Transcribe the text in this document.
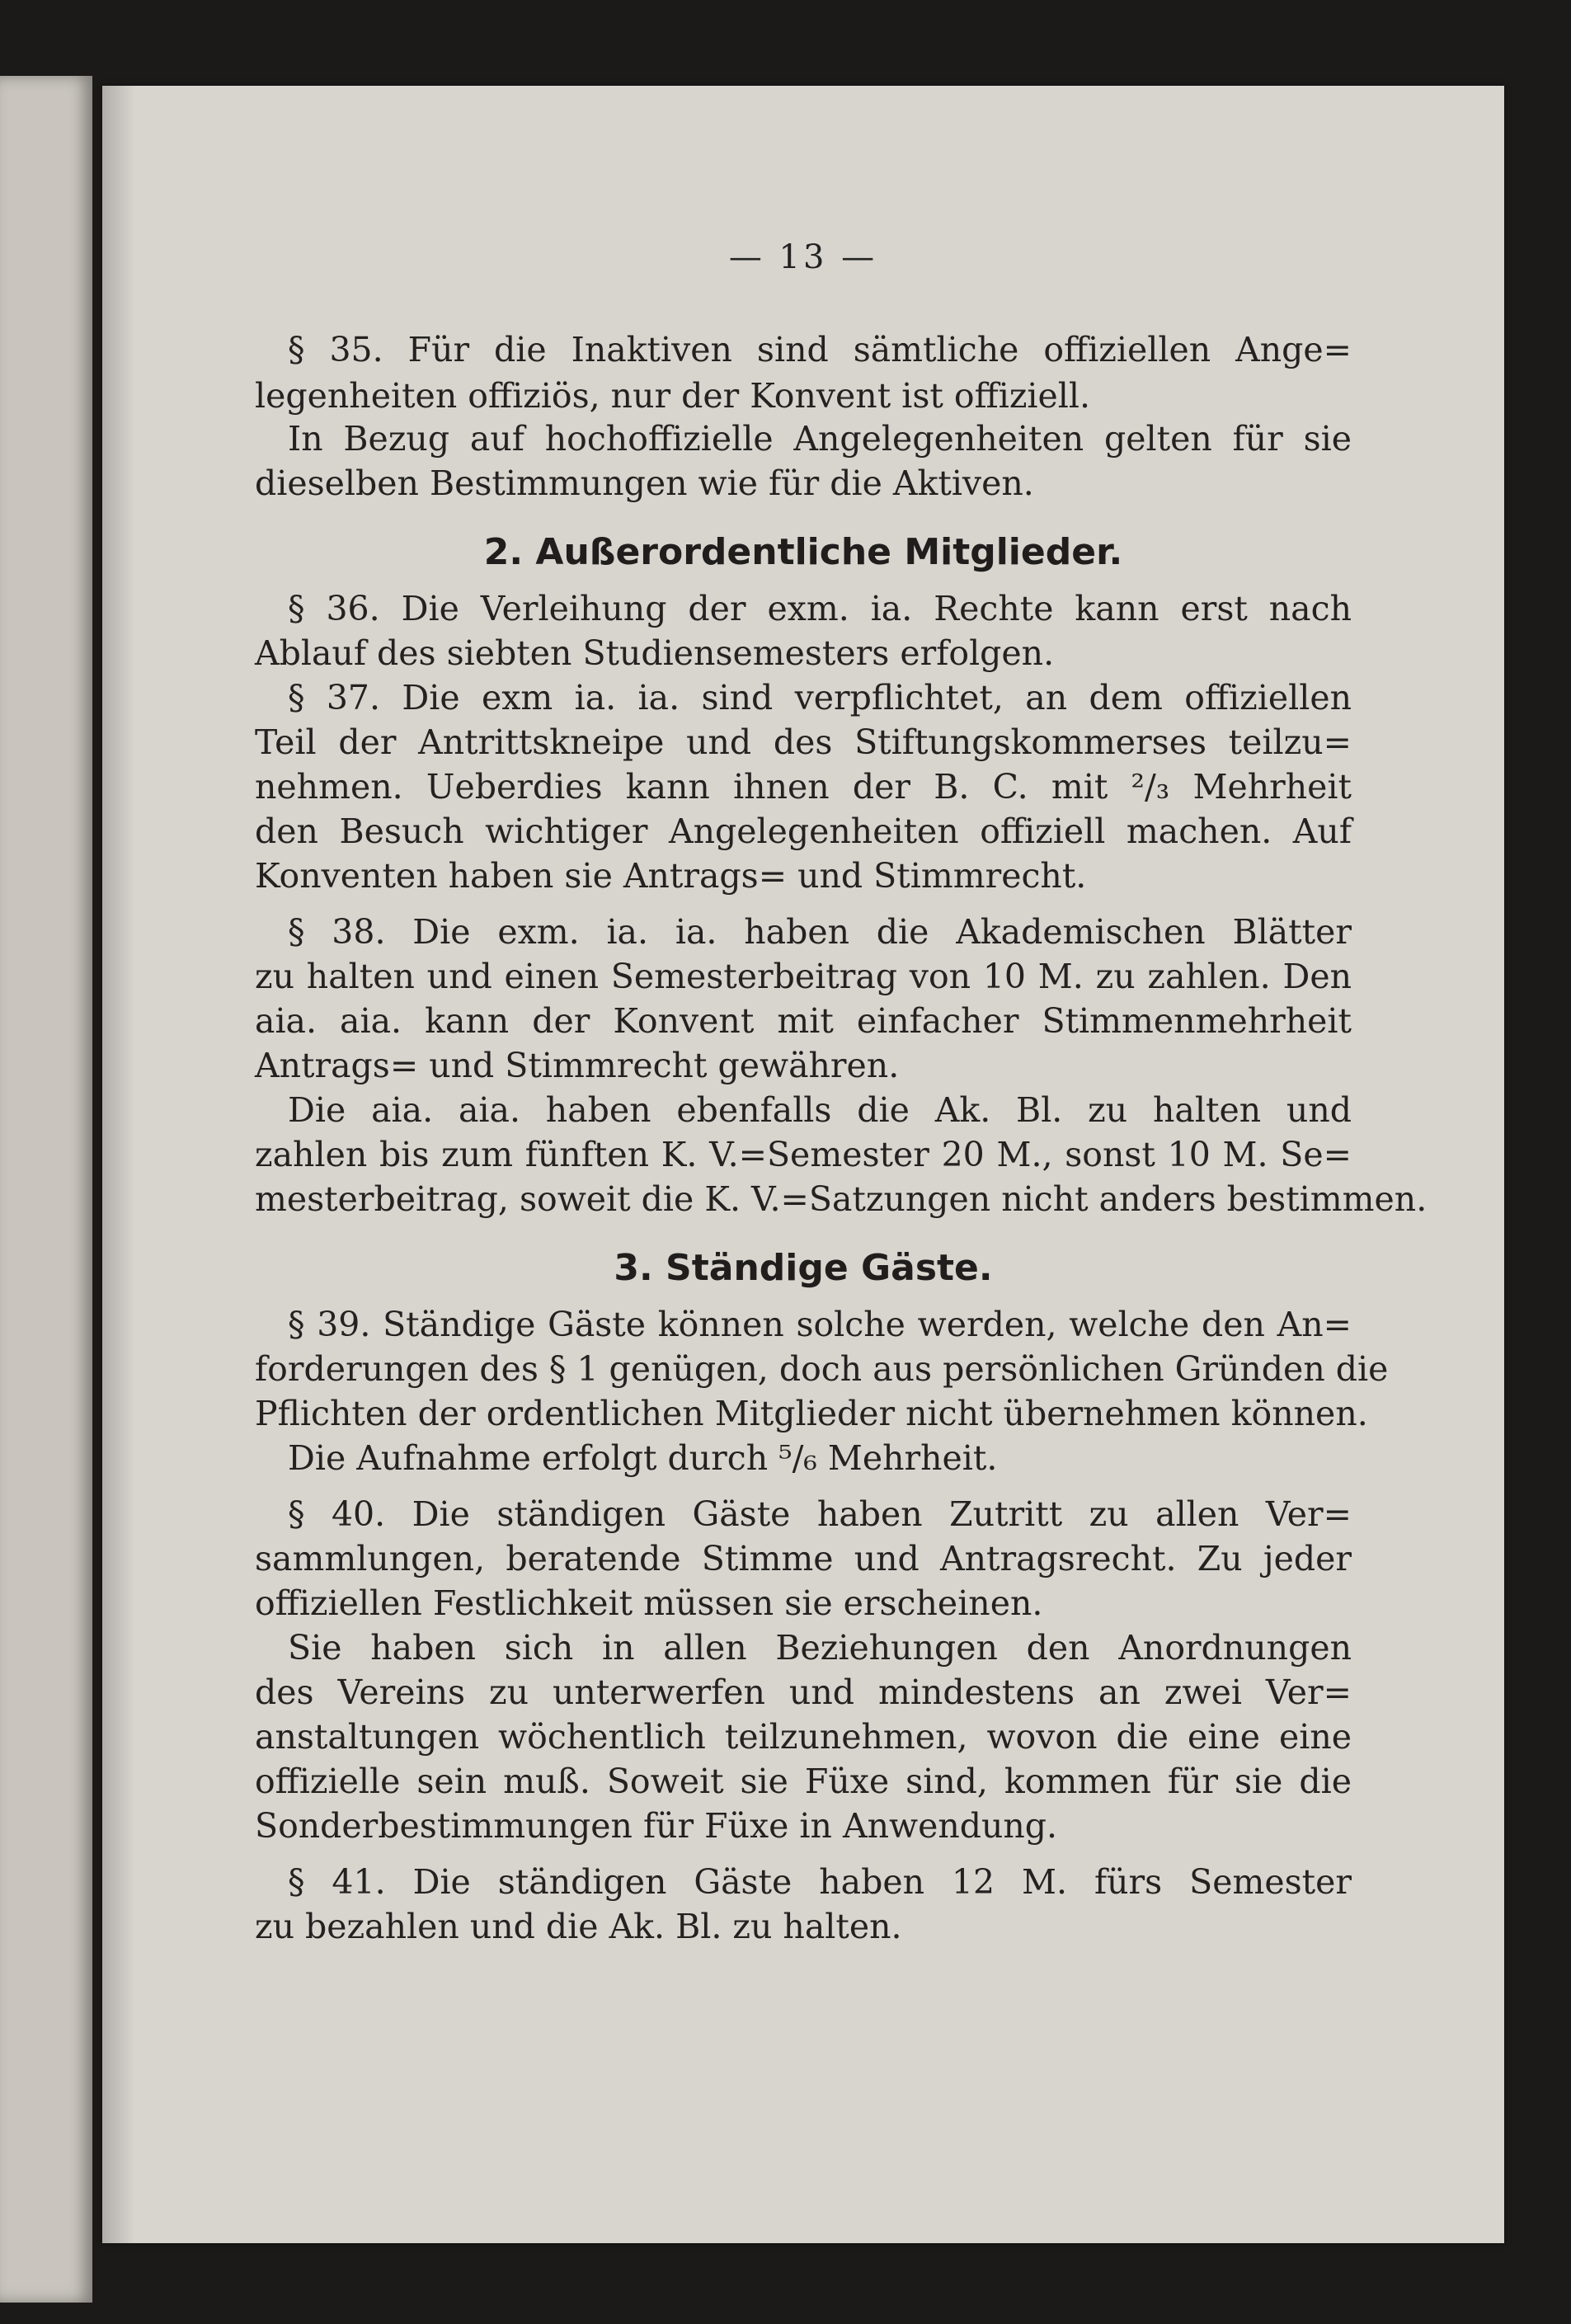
— 13 —
§ 35. Für die Inaktiven sind sämtliche offiziellen Ange=
legenheiten offiziös, nur der Konvent ist offiziell.
In Bezug auf hochoffizielle Angelegenheiten gelten für sie
dieselben Bestimmungen wie für die Aktiven.
2. Außerordentliche Mitglieder.
§ 36. Die Verleihung der exm. ia. Rechte kann erst nach
Ablauf des siebten Studiensemesters erfolgen.
§ 37. Die exm ia. ia. sind verpflichtet, an dem offiziellen
Teil der Antrittskneipe und des Stiftungskommerses teilzu=
nehmen. Ueberdies kann ihnen der B. C. mit ²/₃ Mehrheit
den Besuch wichtiger Angelegenheiten offiziell machen. Auf
Konventen haben sie Antrags= und Stimmrecht.
§ 38. Die exm. ia. ia. haben die Akademischen Blätter
zu halten und einen Semesterbeitrag von 10 M. zu zahlen. Den
aia. aia. kann der Konvent mit einfacher Stimmenmehrheit
Antrags= und Stimmrecht gewähren.
Die aia. aia. haben ebenfalls die Ak. Bl. zu halten und
zahlen bis zum fünften K. V.=Semester 20 M., sonst 10 M. Se=
mesterbeitrag, soweit die K. V.=Satzungen nicht anders bestimmen.
3. Ständige Gäste.
§ 39. Ständige Gäste können solche werden, welche den An=
forderungen des § 1 genügen, doch aus persönlichen Gründen die
Pflichten der ordentlichen Mitglieder nicht übernehmen können.
Die Aufnahme erfolgt durch ⁵/₆ Mehrheit.
§ 40. Die ständigen Gäste haben Zutritt zu allen Ver=
sammlungen, beratende Stimme und Antragsrecht. Zu jeder
offiziellen Festlichkeit müssen sie erscheinen.
Sie haben sich in allen Beziehungen den Anordnungen
des Vereins zu unterwerfen und mindestens an zwei Ver=
anstaltungen wöchentlich teilzunehmen, wovon die eine eine
offizielle sein muß. Soweit sie Füxe sind, kommen für sie die
Sonderbestimmungen für Füxe in Anwendung.
§ 41. Die ständigen Gäste haben 12 M. fürs Semester
zu bezahlen und die Ak. Bl. zu halten.
